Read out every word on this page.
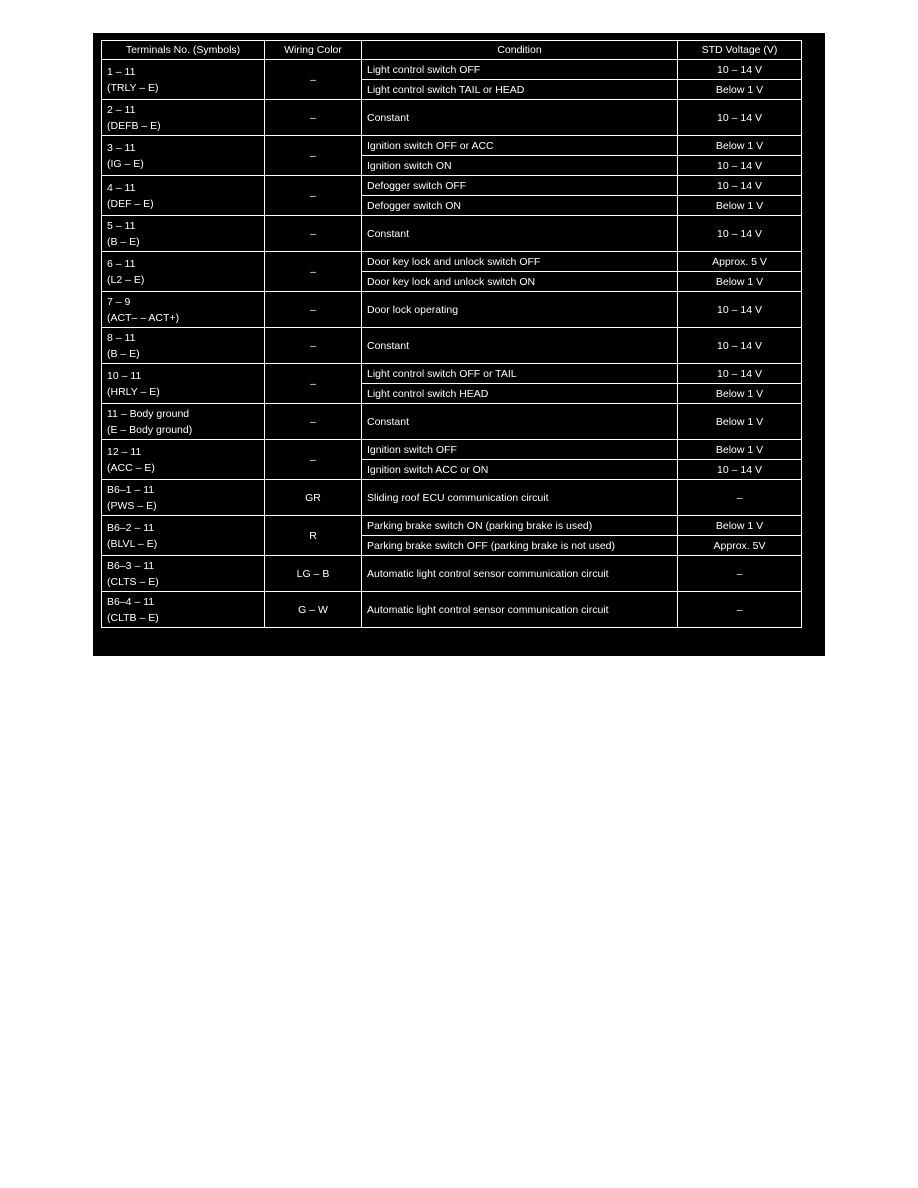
Terminals No. (Symbols)	Wiring Color	Condition	STD Voltage (V)

1 – 11
(TRLY – E)	–	Light control switch OFF	10 – 14 V
		Light control switch TAIL or HEAD	Below 1 V

2 – 11
(DEFB – E)	–	Constant	10 – 14 V

3 – 11
(IG – E)	–	Ignition switch OFF or ACC	Below 1 V
		Ignition switch ON	10 – 14 V

4 – 11
(DEF – E)	–	Defogger switch OFF	10 – 14 V
		Defogger switch ON	Below 1 V

5 – 11
(B – E)	–	Constant	10 – 14 V

6 – 11
(L2 – E)	–	Door key lock and unlock switch OFF	Approx. 5 V
		Door key lock and unlock switch ON	Below 1 V

7 – 9
(ACT– – ACT+)	–	Door lock operating	10 – 14 V

8 – 11
(B – E)	–	Constant	10 – 14 V

10 – 11
(HRLY – E)	–	Light control switch OFF or TAIL	10 – 14 V
		Light control switch HEAD	Below 1 V

11 – Body ground
(E – Body ground)	–	Constant	Below 1 V

12 – 11
(ACC – E)	–	Ignition switch OFF	Below 1 V
		Ignition switch ACC or ON	10 – 14 V

B6–1 – 11
(PWS – E)	GR	Sliding roof ECU communication circuit	–

B6–2 – 11
(BLVL – E)	R	Parking brake switch ON (parking brake is used)	Below 1 V
		Parking brake switch OFF (parking brake is not used)	Approx. 5V

B6–3 – 11
(CLTS – E)	LG – B	Automatic light control sensor communication circuit	–

B6–4 – 11
(CLTB – E)	G – W	Automatic light control sensor communication circuit	–
